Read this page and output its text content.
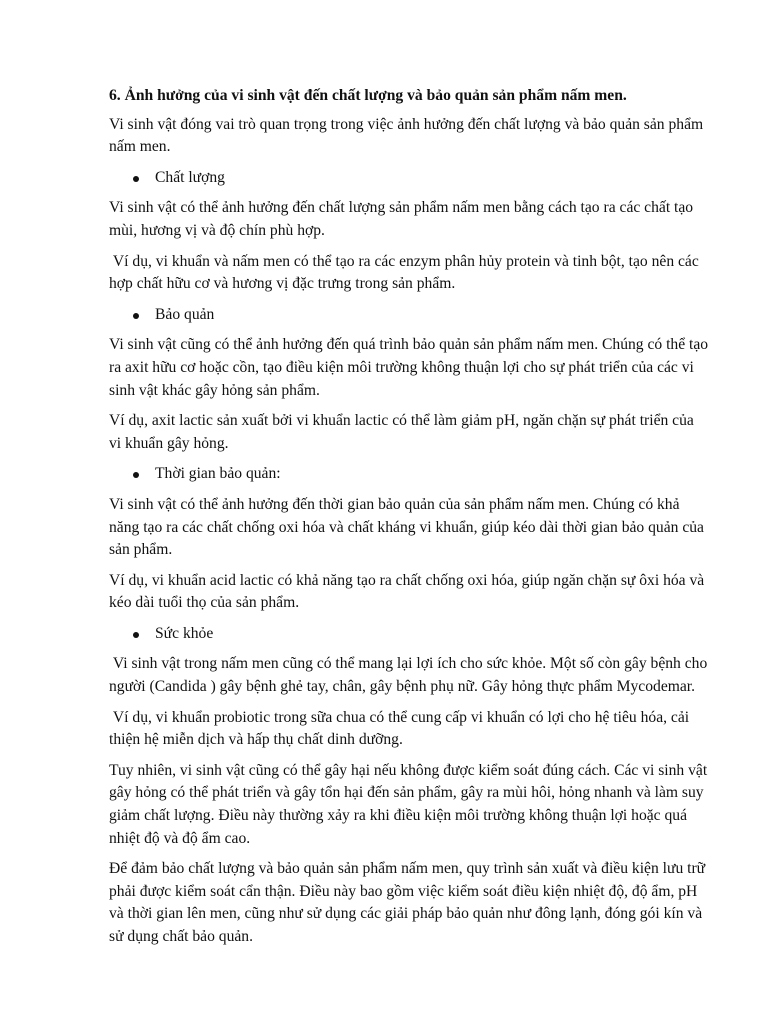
6. Ảnh hưởng của vi sinh vật đến chất lượng và bảo quản sản phẩm nấm men.

Vi sinh vật đóng vai trò quan trọng trong việc ảnh hưởng đến chất lượng và bảo quản sản phẩm nấm men.

Chất lượng

Vi sinh vật có thể ảnh hưởng đến chất lượng sản phẩm nấm men bằng cách tạo ra các chất tạo mùi, hương vị và độ chín phù hợp.

Ví dụ, vi khuẩn và nấm men có thể tạo ra các enzym phân hủy protein và tinh bột, tạo nên các hợp chất hữu cơ và hương vị đặc trưng trong sản phẩm.

Bảo quản

Vi sinh vật cũng có thể ảnh hưởng đến quá trình bảo quản sản phẩm nấm men. Chúng có thể tạo ra axit hữu cơ hoặc cồn, tạo điều kiện môi trường không thuận lợi cho sự phát triển của các vi sinh vật khác gây hỏng sản phẩm.

Ví dụ, axit lactic sản xuất bởi vi khuẩn lactic có thể làm giảm pH, ngăn chặn sự phát triển của vi khuẩn gây hỏng.

Thời gian bảo quản:

Vi sinh vật có thể ảnh hưởng đến thời gian bảo quản của sản phẩm nấm men. Chúng có khả năng tạo ra các chất chống oxi hóa và chất kháng vi khuẩn, giúp kéo dài thời gian bảo quản của sản phẩm.

Ví dụ, vi khuẩn acid lactic có khả năng tạo ra chất chống oxi hóa, giúp ngăn chặn sự ôxi hóa và kéo dài tuổi thọ của sản phẩm.

Sức khỏe

Vi sinh vật trong nấm men cũng có thể mang lại lợi ích cho sức khỏe. Một số còn gây bệnh cho người (Candida ) gây bệnh ghẻ tay, chân, gây bệnh phụ nữ. Gây hỏng thực phẩm Mycodemar.

Ví dụ, vi khuẩn probiotic trong sữa chua có thể cung cấp vi khuẩn có lợi cho hệ tiêu hóa, cải thiện hệ miễn dịch và hấp thụ chất dinh dưỡng.

Tuy nhiên, vi sinh vật cũng có thể gây hại nếu không được kiểm soát đúng cách. Các vi sinh vật gây hỏng có thể phát triển và gây tổn hại đến sản phẩm, gây ra mùi hôi, hỏng nhanh và làm suy giảm chất lượng. Điều này thường xảy ra khi điều kiện môi trường không thuận lợi hoặc quá nhiệt độ và độ ẩm cao.

Để đảm bảo chất lượng và bảo quản sản phẩm nấm men, quy trình sản xuất và điều kiện lưu trữ phải được kiểm soát cẩn thận. Điều này bao gồm việc kiểm soát điều kiện nhiệt độ, độ ẩm, pH và thời gian lên men, cũng như sử dụng các giải pháp bảo quản như đông lạnh, đóng gói kín và sử dụng chất bảo quản.
